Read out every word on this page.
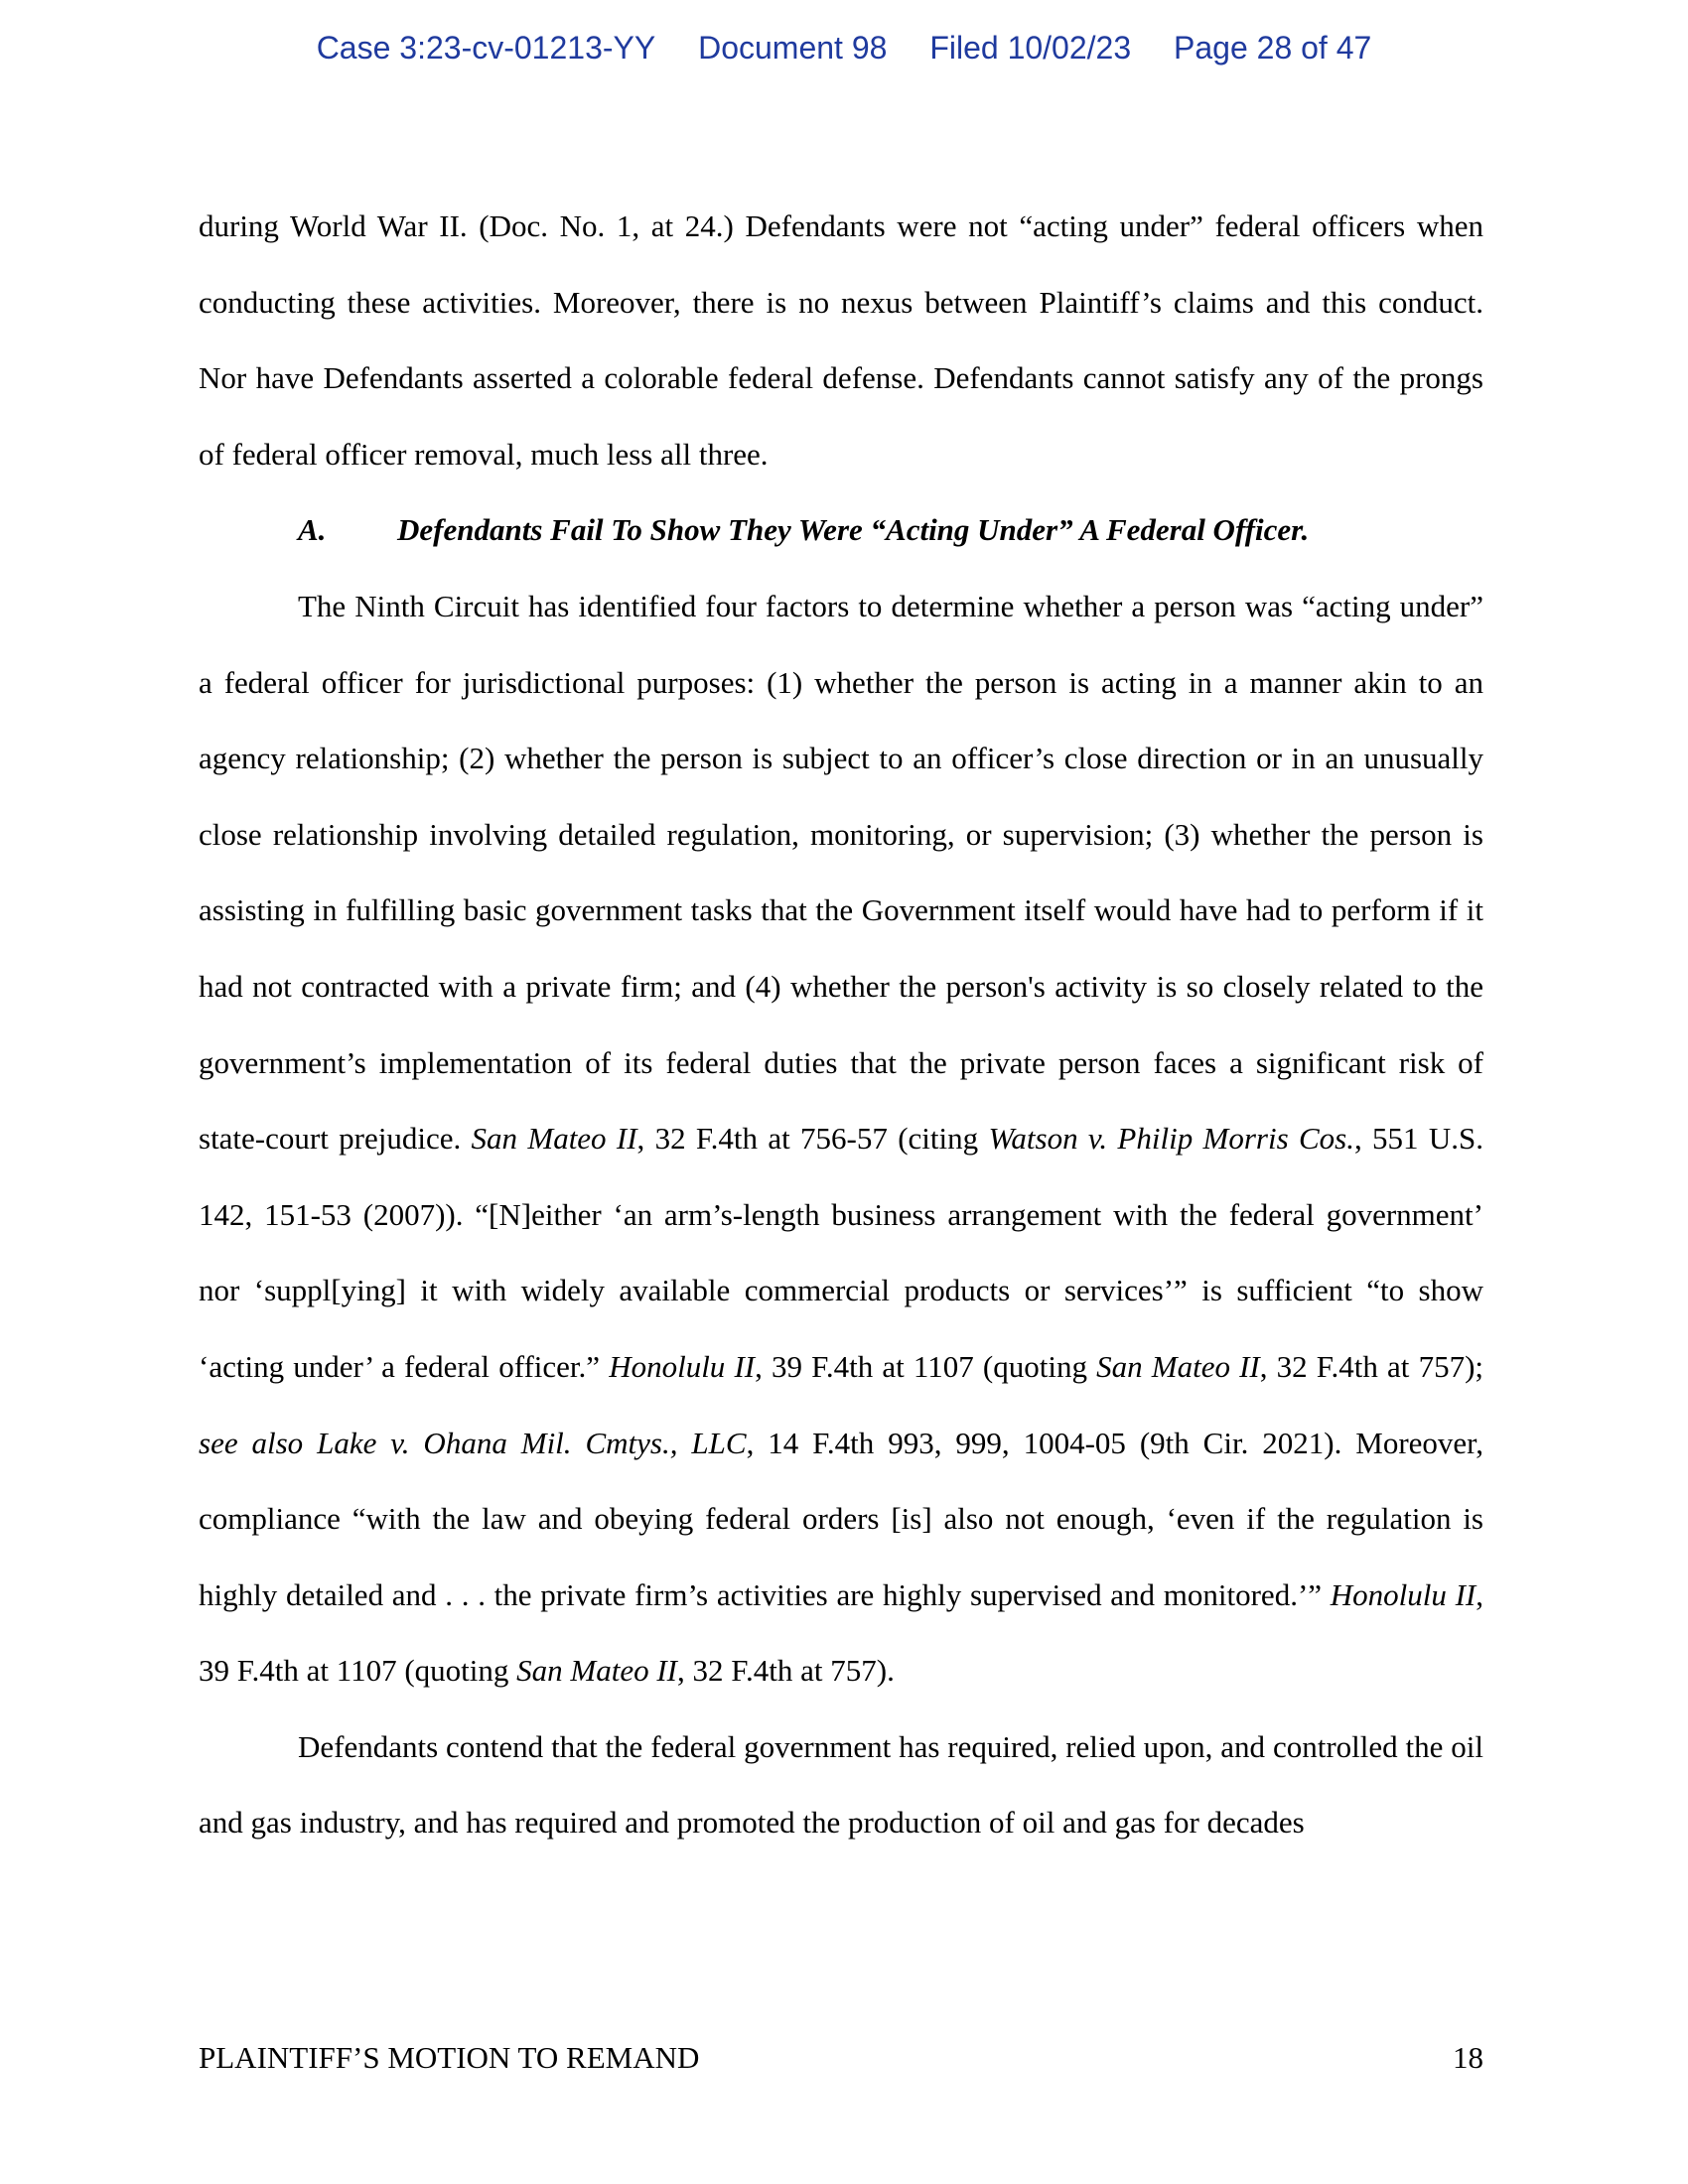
Case 3:23-cv-01213-YY Document 98 Filed 10/02/23 Page 28 of 47

during World War II. (Doc. No. 1, at 24.) Defendants were not “acting under” federal officers when conducting these activities. Moreover, there is no nexus between Plaintiff’s claims and this conduct. Nor have Defendants asserted a colorable federal defense. Defendants cannot satisfy any of the prongs of federal officer removal, much less all three.

A. Defendants Fail To Show They Were “Acting Under” A Federal Officer.

The Ninth Circuit has identified four factors to determine whether a person was “acting under” a federal officer for jurisdictional purposes: (1) whether the person is acting in a manner akin to an agency relationship; (2) whether the person is subject to an officer’s close direction or in an unusually close relationship involving detailed regulation, monitoring, or supervision; (3) whether the person is assisting in fulfilling basic government tasks that the Government itself would have had to perform if it had not contracted with a private firm; and (4) whether the person's activity is so closely related to the government’s implementation of its federal duties that the private person faces a significant risk of state-court prejudice. San Mateo II, 32 F.4th at 756-57 (citing Watson v. Philip Morris Cos., 551 U.S. 142, 151-53 (2007)). “[N]either ‘an arm’s-length business arrangement with the federal government’ nor ‘suppl[ying] it with widely available commercial products or services’” is sufficient “to show ‘acting under’ a federal officer.” Honolulu II, 39 F.4th at 1107 (quoting San Mateo II, 32 F.4th at 757); see also Lake v. Ohana Mil. Cmtys., LLC, 14 F.4th 993, 999, 1004-05 (9th Cir. 2021). Moreover, compliance “with the law and obeying federal orders [is] also not enough, ‘even if the regulation is highly detailed and . . . the private firm’s activities are highly supervised and monitored.’” Honolulu II, 39 F.4th at 1107 (quoting San Mateo II, 32 F.4th at 757).

Defendants contend that the federal government has required, relied upon, and controlled the oil and gas industry, and has required and promoted the production of oil and gas for decades

PLAINTIFF’S MOTION TO REMAND	18
